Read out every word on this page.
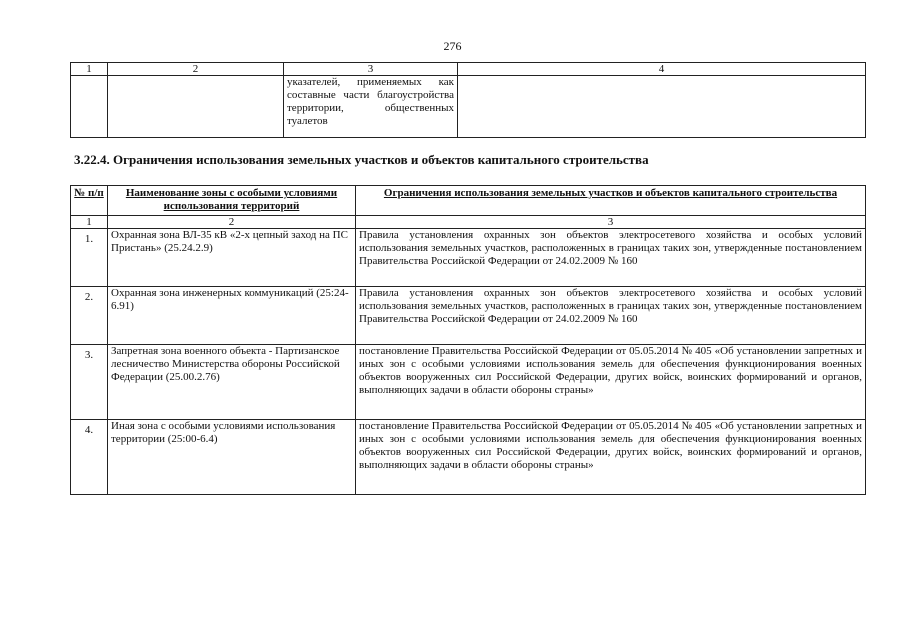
276
1	2	3	4
		указателей, применяемых как составные части благоустройства территории, общественных туалетов	
3.22.4. Ограничения использования земельных участков и объектов капитального строительства
№ п/п	Наименование зоны с особыми условиями использования территорий	Ограничения использования земельных участков и объектов капитального строительства
1	2	3
1.	Охранная зона ВЛ-35 кВ «2-х цепный заход на ПС Пристань» (25.24.2.9)	Правила установления охранных зон объектов электросетевого хозяйства и особых условий использования земельных участков, расположенных в границах таких зон, утвержденные постановлением Правительства Российской Федерации от 24.02.2009 № 160
2.	Охранная зона инженерных коммуникаций (25:24-6.91)	Правила установления охранных зон объектов электросетевого хозяйства и особых условий использования земельных участков, расположенных в границах таких зон, утвержденные постановлением Правительства Российской Федерации от 24.02.2009 № 160
3.	Запретная зона военного объекта - Партизанское лесничество Министерства обороны Российской Федерации (25.00.2.76)	постановление Правительства Российской Федерации от 05.05.2014 № 405 «Об установлении запретных и иных зон с особыми условиями использования земель для обеспечения функционирования военных объектов вооруженных сил Российской Федерации, других войск, воинских формирований и органов, выполняющих задачи в области обороны страны»
4.	Иная зона с особыми условиями использования территории (25:00-6.4)	постановление Правительства Российской Федерации от 05.05.2014 № 405 «Об установлении запретных и иных зон с особыми условиями использования земель для обеспечения функционирования военных объектов вооруженных сил Российской Федерации, других войск, воинских формирований и органов, выполняющих задачи в области обороны страны»
